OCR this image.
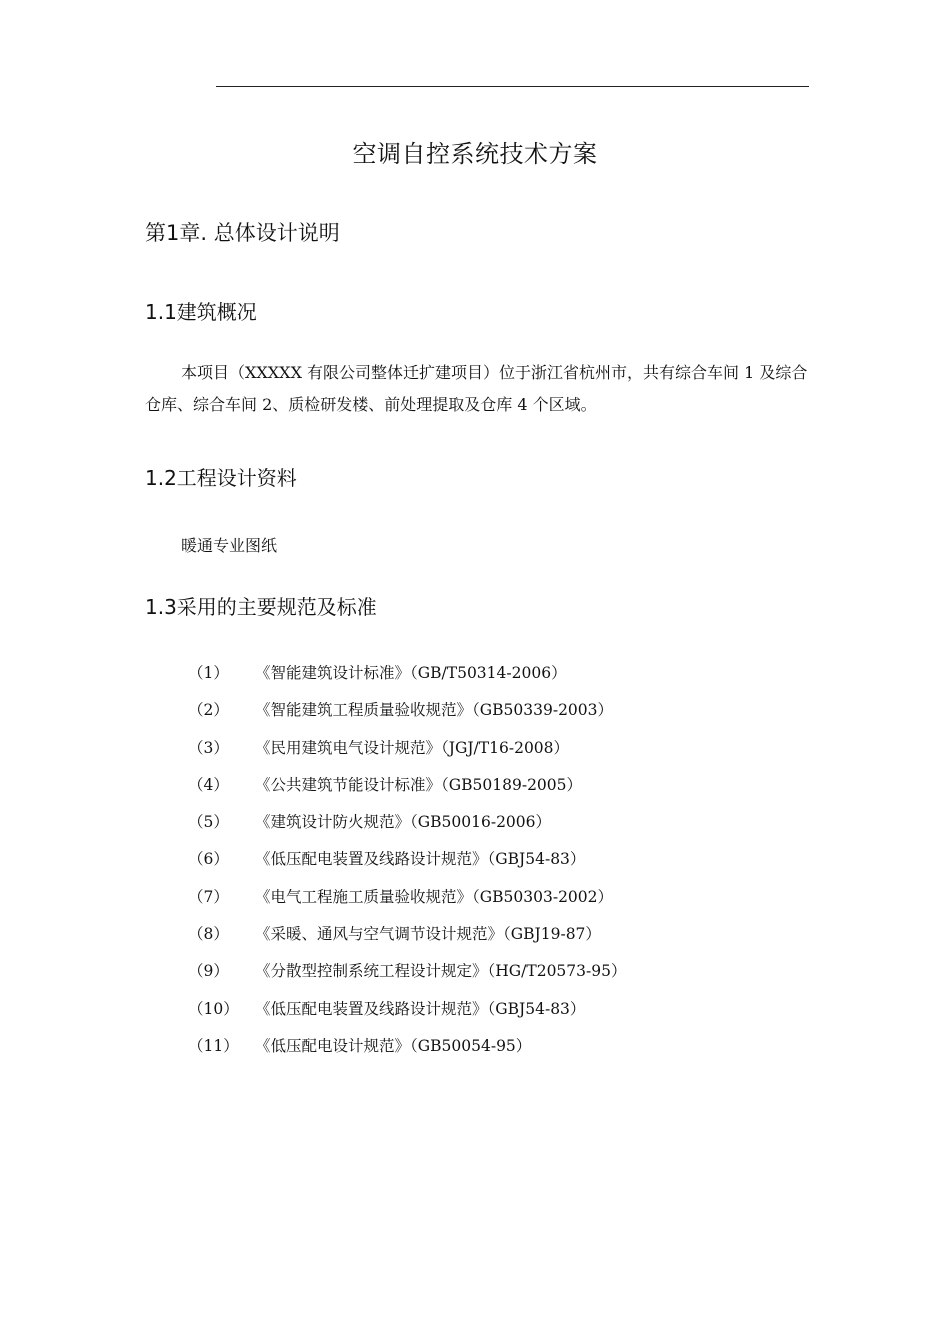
空调自控系统技术方案
第1章. 总体设计说明
1.1建筑概况
本项目（XXXXX 有限公司整体迁扩建项目）位于浙江省杭州市，共有综合车间 1 及综合仓库、综合车间 2、质检研发楼、前处理提取及仓库 4 个区域。
1.2工程设计资料
暖通专业图纸
1.3采用的主要规范及标准
（1）	《智能建筑设计标准》（GB/T50314-2006）
（2）	《智能建筑工程质量验收规范》（GB50339-2003）
（3）	《民用建筑电气设计规范》（JGJ/T16-2008）
（4）	《公共建筑节能设计标准》（GB50189-2005）
（5）	《建筑设计防火规范》（GB50016-2006）
（6）	《低压配电装置及线路设计规范》（GBJ54-83）
（7）	《电气工程施工质量验收规范》（GB50303-2002）
（8）	《采暖、通风与空气调节设计规范》（GBJ19-87）
（9）	《分散型控制系统工程设计规定》（HG/T20573-95）
（10）	《低压配电装置及线路设计规范》（GBJ54-83）
（11）	《低压配电设计规范》（GB50054-95）
